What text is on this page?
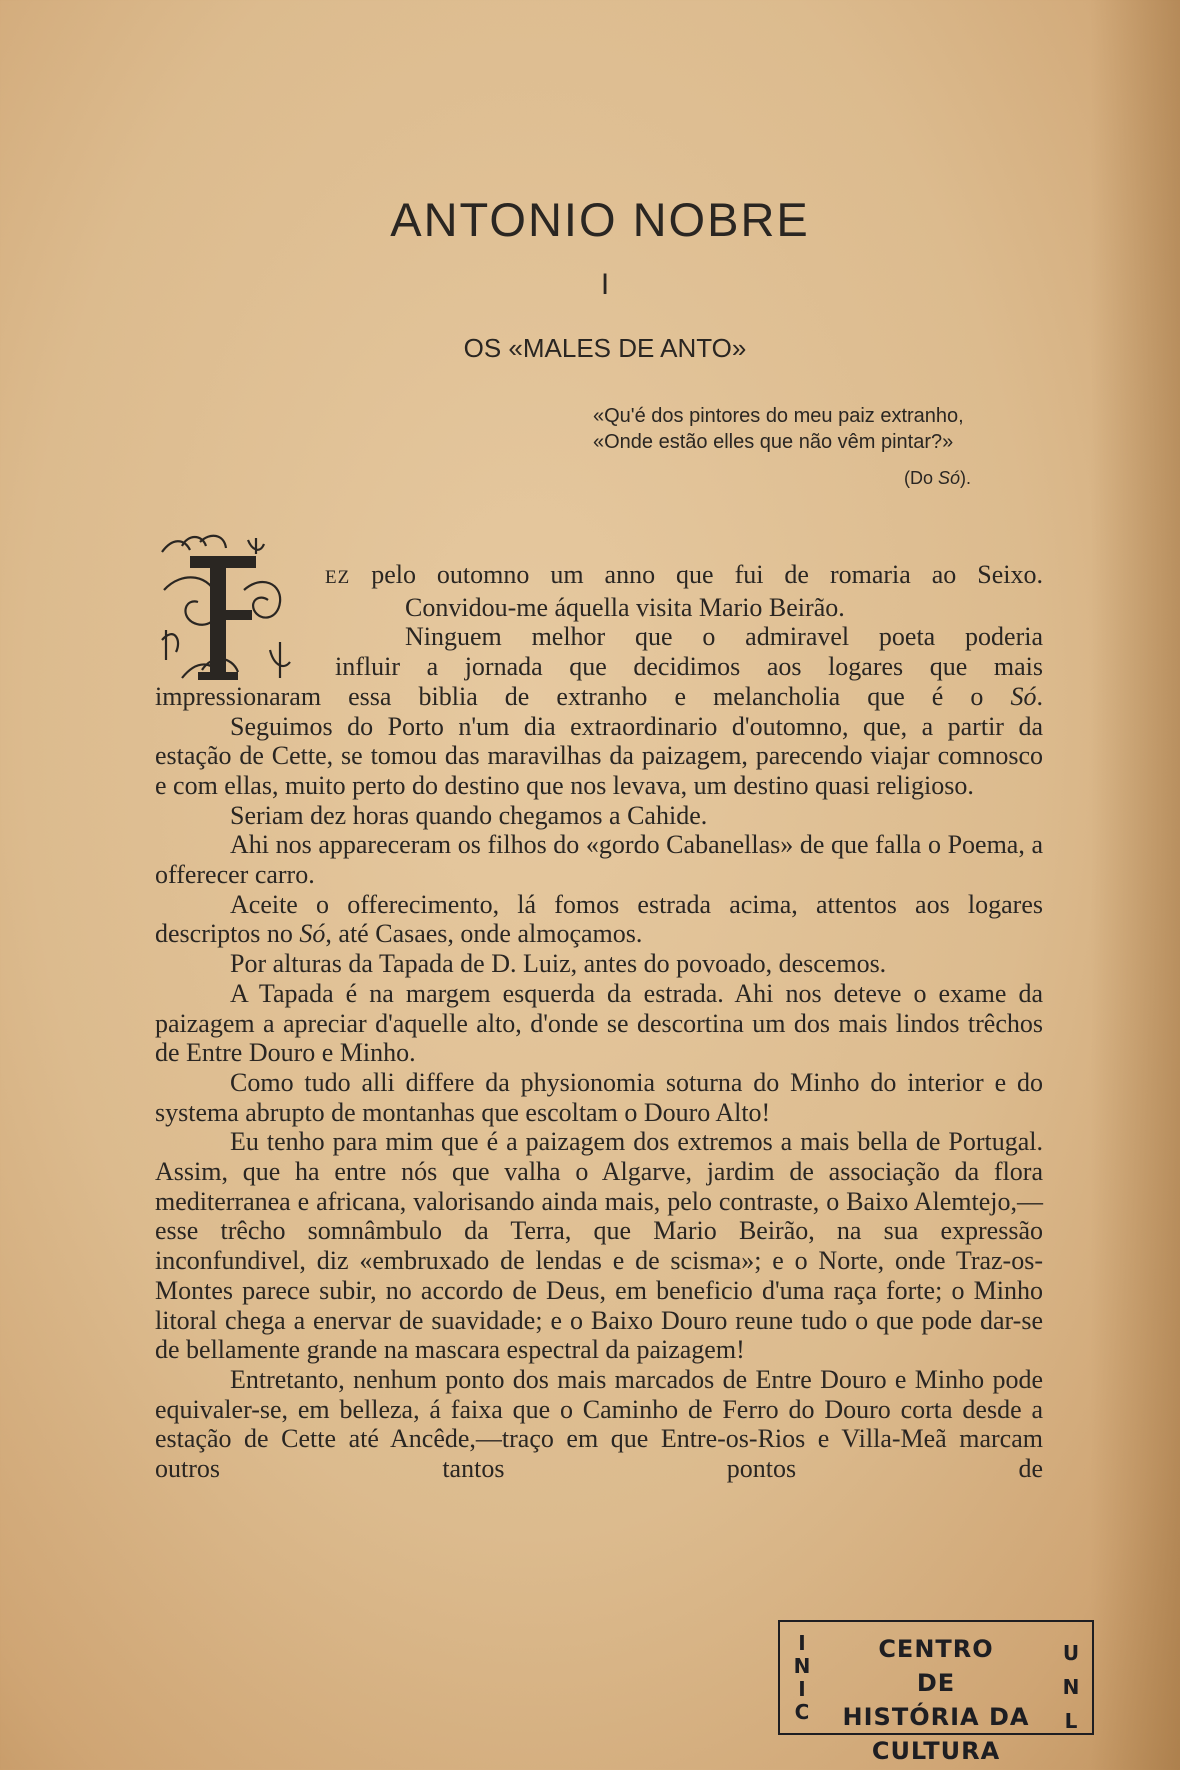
ANTONIO NOBRE
I
OS «MALES DE ANTO»
«Qu'é dos pintores do meu paiz extranho,
«Onde estão elles que não vêm pintar?»
(Do Só).
EZ pelo outomno um anno que fui de romaria ao Seixo.
Convidou-me áquella visita Mario Beirão.
Ninguem melhor que o admiravel poeta poderia
influir a jornada que decidimos aos logares que mais

impressionaram essa biblia de extranho e melancholia que é o Só.

Seguimos do Porto n'um dia extraordinario d'outomno, que, a partir da estação de Cette, se tomou das maravilhas da paizagem, parecendo viajar comnosco e com ellas, muito perto do destino que nos levava, um destino quasi religioso.

Seriam dez horas quando chegamos a Cahide.

Ahi nos appareceram os filhos do «gordo Cabanellas» de que falla o Poema, a offerecer carro.

Aceite o offerecimento, lá fomos estrada acima, attentos aos logares descriptos no Só, até Casaes, onde almoçamos.

Por alturas da Tapada de D. Luiz, antes do povoado, descemos.

A Tapada é na margem esquerda da estrada. Ahi nos deteve o exame da paizagem a apreciar d'aquelle alto, d'onde se descortina um dos mais lindos trêchos de Entre Douro e Minho.

Como tudo alli differe da physionomia soturna do Minho do interior e do systema abrupto de montanhas que escoltam o Douro Alto!

Eu tenho para mim que é a paizagem dos extremos a mais bella de Portugal. Assim, que ha entre nós que valha o Algarve, jardim de associação da flora mediterranea e africana, valorisando ainda mais, pelo contraste, o Baixo Alemtejo,—esse trêcho somnâmbulo da Terra, que Mario Beirão, na sua expressão inconfundivel, diz «embruxado de lendas e de scisma»; e o Norte, onde Traz-os-Montes parece subir, no accordo de Deus, em beneficio d'uma raça forte; o Minho litoral chega a enervar de suavidade; e o Baixo Douro reune tudo o que pode dar-se de bellamente grande na mascara espectral da paizagem!

Entretanto, nenhum ponto dos mais marcados de Entre Douro e Minho pode equivaler-se, em belleza, á faixa que o Caminho de Ferro do Douro corta desde a estação de Cette até Ancêde,—traço em que Entre-os-Rios e Villa-Meã marcam outros tantos pontos de

I
N
I
C
CENTRO
DE
HISTÓRIA DA CULTURA
U
N
L
